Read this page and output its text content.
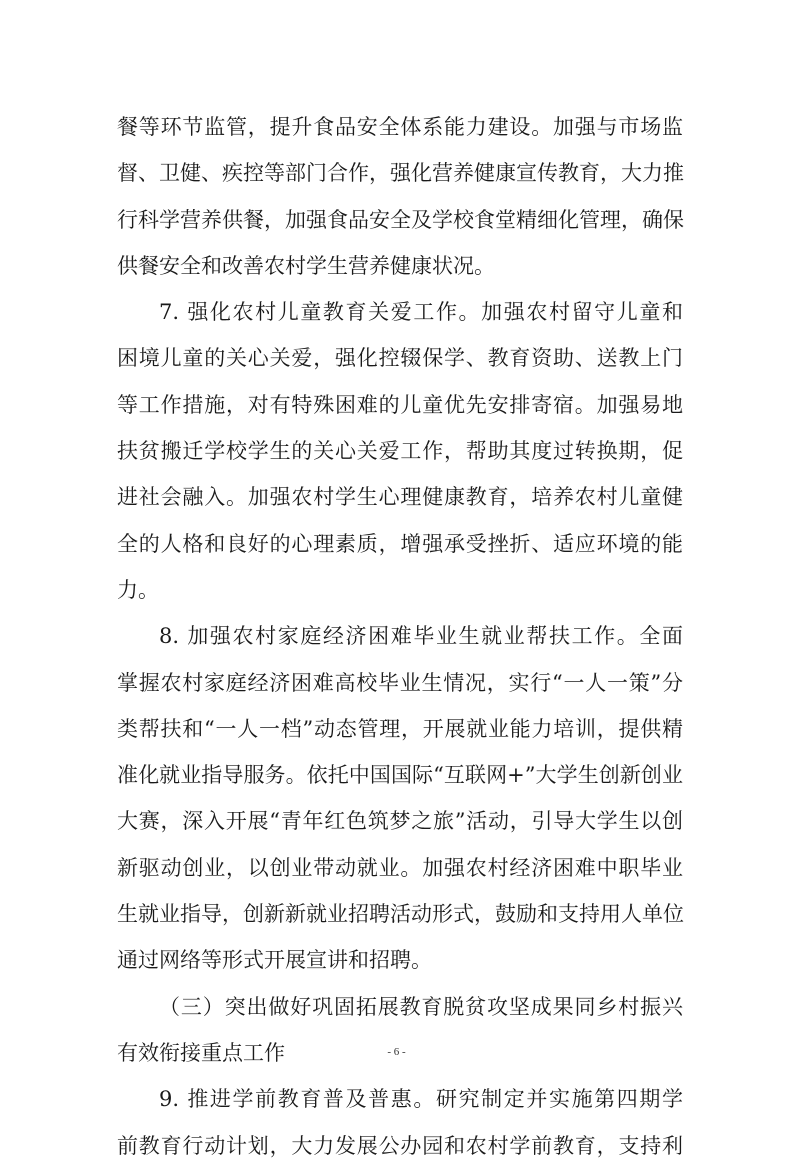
餐等环节监管，提升食品安全体系能力建设。加强与市场监
督、卫健、疾控等部门合作，强化营养健康宣传教育，大力推
行科学营养供餐，加强食品安全及学校食堂精细化管理，确保
供餐安全和改善农村学生营养健康状况。
7. 强化农村儿童教育关爱工作。加强农村留守儿童和
困境儿童的关心关爱，强化控辍保学、教育资助、送教上门
等工作措施，对有特殊困难的儿童优先安排寄宿。加强易地
扶贫搬迁学校学生的关心关爱工作，帮助其度过转换期，促
进社会融入。加强农村学生心理健康教育，培养农村儿童健
全的人格和良好的心理素质，增强承受挫折、适应环境的能
力。
8. 加强农村家庭经济困难毕业生就业帮扶工作。全面
掌握农村家庭经济困难高校毕业生情况，实行“一人一策”分
类帮扶和“一人一档”动态管理，开展就业能力培训，提供精
准化就业指导服务。依托中国国际“互联网+”大学生创新创业
大赛，深入开展“青年红色筑梦之旅”活动，引导大学生以创
新驱动创业，以创业带动就业。加强农村经济困难中职毕业
生就业指导，创新新就业招聘活动形式，鼓励和支持用人单位
通过网络等形式开展宣讲和招聘。
（三）突出做好巩固拓展教育脱贫攻坚成果同乡村振兴
有效衔接重点工作
9. 推进学前教育普及普惠。研究制定并实施第四期学
前教育行动计划，大力发展公办园和农村学前教育，支持利
- 6 -
